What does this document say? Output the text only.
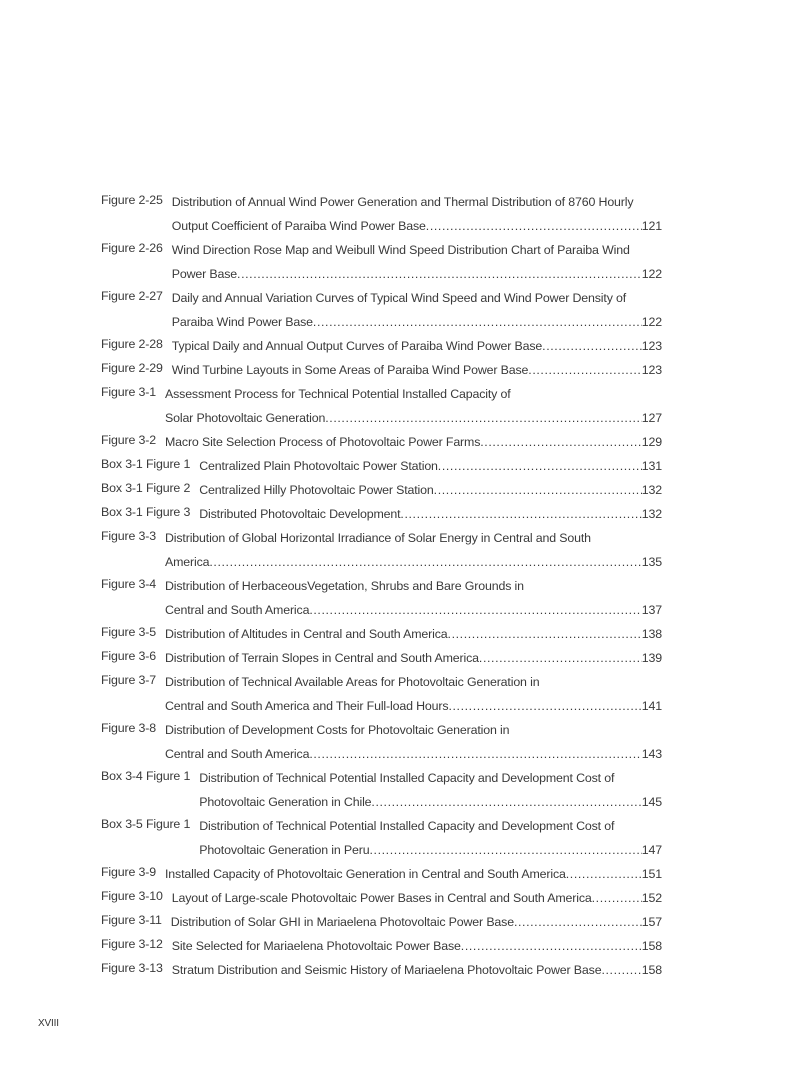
Figure 2-25 Distribution of Annual Wind Power Generation and Thermal Distribution of 8760 Hourly
Output Coefficient of Paraiba Wind Power Base .....	121
Figure 2-26 Wind Direction Rose Map and Weibull Wind Speed Distribution Chart of Paraiba Wind
Power Base .....	122
Figure 2-27 Daily and Annual Variation Curves of Typical Wind Speed and Wind Power Density of
Paraiba Wind Power Base .....	122
Figure 2-28 Typical Daily and Annual Output Curves of Paraiba Wind Power Base .....	123
Figure 2-29 Wind Turbine Layouts in Some Areas of Paraiba Wind Power Base .....	123
Figure 3-1 Assessment Process for Technical Potential Installed Capacity of
Solar Photovoltaic Generation .....	127
Figure 3-2 Macro Site Selection Process of Photovoltaic Power Farms .....	129
Box 3-1 Figure 1 Centralized Plain Photovoltaic Power Station .....	131
Box 3-1 Figure 2 Centralized Hilly Photovoltaic Power Station .....	132
Box 3-1 Figure 3 Distributed Photovoltaic Development .....	132
Figure 3-3 Distribution of Global Horizontal Irradiance of Solar Energy in Central and South
America .....	135
Figure 3-4 Distribution of HerbaceousVegetation, Shrubs and Bare Grounds in
Central and South America .....	137
Figure 3-5 Distribution of Altitudes in Central and South America .....	138
Figure 3-6 Distribution of Terrain Slopes in Central and South America .....	139
Figure 3-7 Distribution of Technical Available Areas for Photovoltaic Generation in
Central and South America and Their Full-load Hours .....	141
Figure 3-8 Distribution of Development Costs for Photovoltaic Generation in
Central and South America .....	143
Box 3-4 Figure 1 Distribution of Technical Potential Installed Capacity and Development Cost of
Photovoltaic Generation in Chile .....	145
Box 3-5 Figure 1 Distribution of Technical Potential Installed Capacity and Development Cost of
Photovoltaic Generation in Peru .....	147
Figure 3-9 Installed Capacity of Photovoltaic Generation in Central and South America .....	151
Figure 3-10 Layout of Large-scale Photovoltaic Power Bases in Central and South America .....	152
Figure 3-11 Distribution of Solar GHI in Mariaelena Photovoltaic Power Base .....	157
Figure 3-12 Site Selected for Mariaelena Photovoltaic Power Base .....	158
Figure 3-13 Stratum Distribution and Seismic History of Mariaelena Photovoltaic Power Base .....	158
XVIII
